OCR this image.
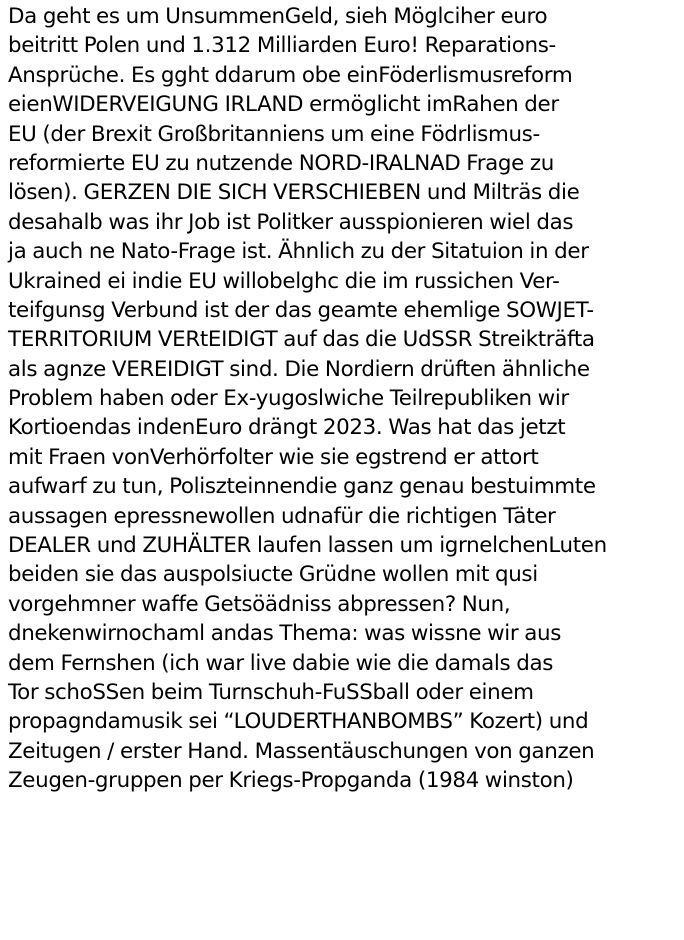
Da geht es um UnsummenGeld, sieh Möglciher euro
beitritt Polen und 1.312 Milliarden Euro! Reparations-
Ansprüche. Es gght ddarum obe einFöderlismusreform
eienWIDERVEIGUNG IRLAND ermöglicht imRahen der
EU (der Brexit Großbritanniens um eine Födrlismus-
reformierte EU zu nutzende NORD-IRALNAD Frage zu
lösen). GERZEN DIE SICH VERSCHIEBEN und Milträs die
desahalb was ihr Job ist Politker ausspionieren wiel das
ja auch ne Nato-Frage ist. Ähnlich zu der Sitatuion in der
Ukrained ei indie EU willobelghc die im russichen Ver-
teifgunsg Verbund ist der das geamte ehemlige SOWJET-
TERRITORIUM VERtEIDIGT auf das die UdSSR Streikträfta
als agnze VEREIDIGT sind. Die Nordiern drüften ähnliche
Problem haben oder Ex-yugoslwiche Teilrepubliken wir
Kortioendas indenEuro drängt 2023. Was hat das jetzt
mit Fraen vonVerhörfolter wie sie egstrend er attort
aufwarf zu tun, Poliszteinnendie ganz genau bestuimmte
aussagen epressnewollen udnafür die richtigen Täter
DEALER und ZUHÄLTER laufen lassen um igrnelchenLuten
beiden sie das auspolsiucte Grüdne wollen mit qusi
vorgehmner waffe Getsöädniss abpressen? Nun,
dnekenwirnochaml andas Thema: was wissne wir aus
dem Fernshen (ich war live dabie wie die damals das
Tor schoSSen beim Turnschuh-FuSSball oder einem
propagndamusik sei “LOUDERTHANBOMBS” Kozert) und
Zeitugen / erster Hand. Massentäuschungen von ganzen
Zeugen-gruppen per Kriegs-Propganda (1984 winston)
